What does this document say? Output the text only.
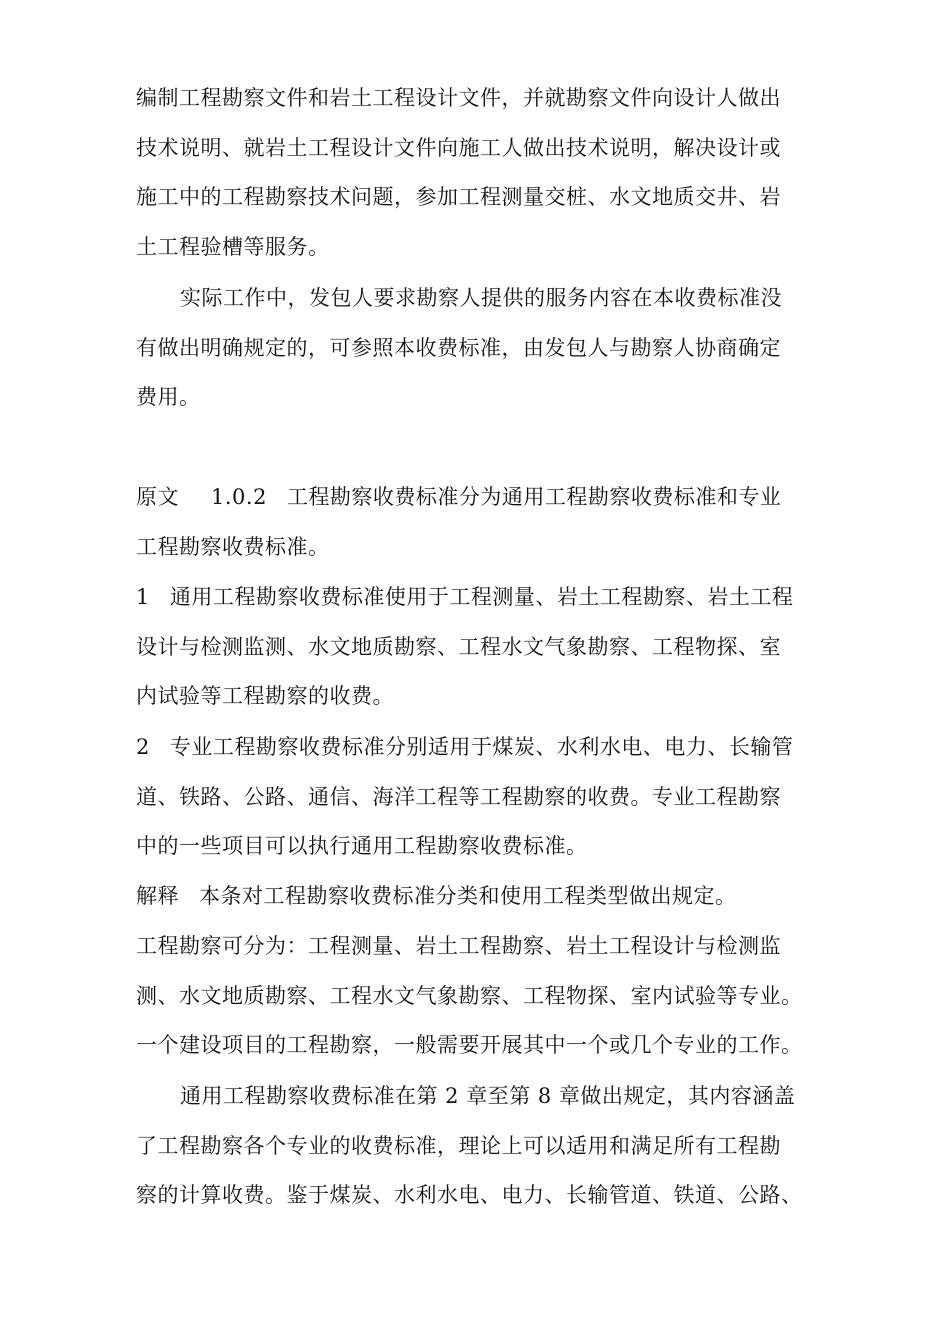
编制工程勘察文件和岩土工程设计文件，并就勘察文件向设计人做出
技术说明、就岩土工程设计文件向施工人做出技术说明，解决设计或
施工中的工程勘察技术问题，参加工程测量交桩、水文地质交井、岩
土工程验槽等服务。
实际工作中，发包人要求勘察人提供的服务内容在本收费标准没
有做出明确规定的，可参照本收费标准，由发包人与勘察人协商确定
费用。
原文 1.0.2 工程勘察收费标准分为通用工程勘察收费标准和专业
工程勘察收费标准。
1 通用工程勘察收费标准使用于工程测量、岩土工程勘察、岩土工程
设计与检测监测、水文地质勘察、工程水文气象勘察、工程物探、室
内试验等工程勘察的收费。
2 专业工程勘察收费标准分别适用于煤炭、水利水电、电力、长输管
道、铁路、公路、通信、海洋工程等工程勘察的收费。专业工程勘察
中的一些项目可以执行通用工程勘察收费标准。
解释 本条对工程勘察收费标准分类和使用工程类型做出规定。
工程勘察可分为：工程测量、岩土工程勘察、岩土工程设计与检测监
测、水文地质勘察、工程水文气象勘察、工程物探、室内试验等专业。
一个建设项目的工程勘察，一般需要开展其中一个或几个专业的工作。
通用工程勘察收费标准在第 2 章至第 8 章做出规定，其内容涵盖
了工程勘察各个专业的收费标准，理论上可以适用和满足所有工程勘
察的计算收费。鉴于煤炭、水利水电、电力、长输管道、铁道、公路、
